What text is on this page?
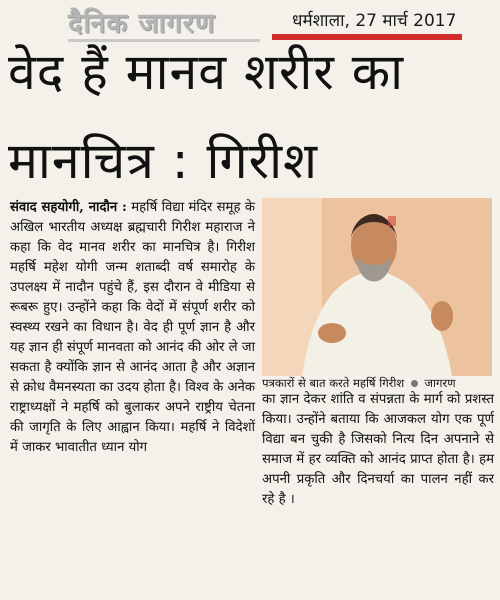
दैनिक जागरण	धर्मशाला, 27 मार्च 2017
वेद हैं मानव शरीर का
मानचित्र : गिरीश
संवाद सहयोगी, नादौन : महर्षि विद्या मंदिर समूह के अखिल भारतीय अध्यक्ष ब्रह्मचारी गिरीश महाराज ने कहा कि वेद मानव शरीर का मानचित्र है। गिरीश महर्षि महेश योगी जन्म शताब्दी वर्ष समारोह के उपलक्ष्य में नादौन पहुंचे हैं, इस दौरान वे मीडिया से रूबरू हुए। उन्होंने कहा कि वेदों में संपूर्ण शरीर को स्वस्थ्य रखने का विधान है। वेद ही पूर्ण ज्ञान है और यह ज्ञान ही संपूर्ण मानवता को आनंद की ओर ले जा सकता है क्योंकि ज्ञान से आनंद आता है और अज्ञान से क्रोध वैमनस्यता का उदय होता है। विश्व के अनेक राष्ट्राध्यक्षों ने महर्षि को बुलाकर अपने राष्ट्रीय चेतना की जागृति के लिए आह्वान किया। महर्षि ने विदेशों में जाकर भावातीत ध्यान योग
पत्रकारों से बात करते महर्षि गिरीश जागरण
का ज्ञान देकर शांति व संपन्नता के मार्ग को प्रशस्त किया। उन्होंने बताया कि आजकल योग एक पूर्ण विद्या बन चुकी है जिसको नित्य दिन अपनाने से समाज में हर व्यक्ति को आनंद प्राप्त होता है। हम अपनी प्रकृति और दिनचर्या का पालन नहीं कर रहे है ।
